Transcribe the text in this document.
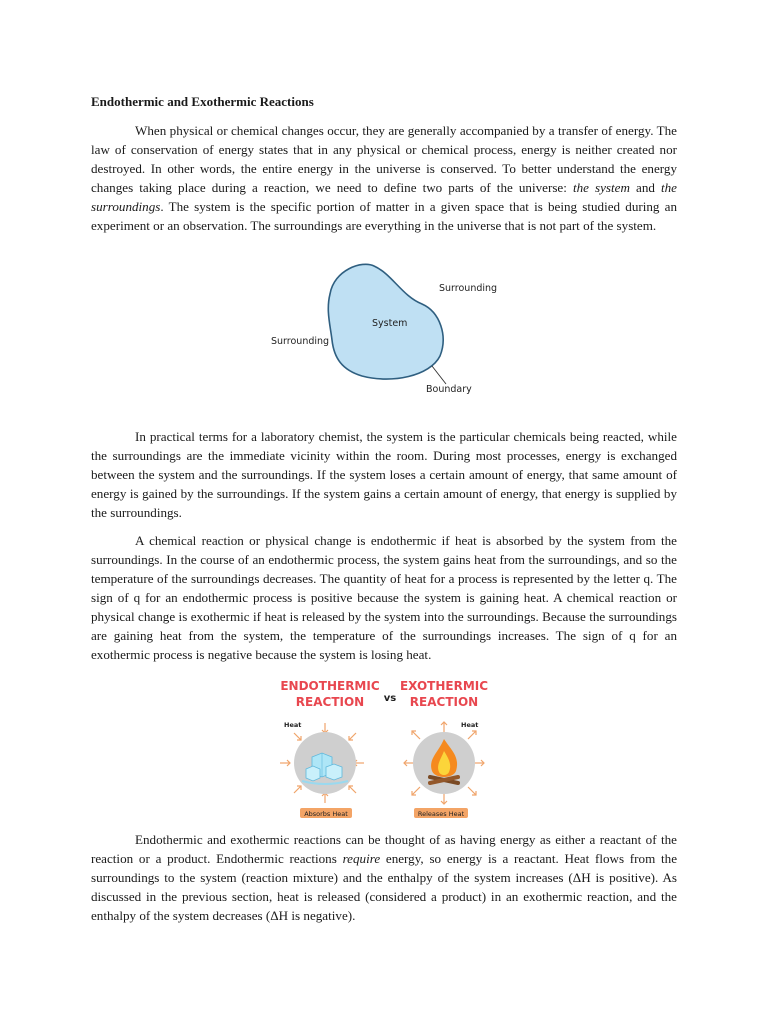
Endothermic and Exothermic Reactions

When physical or chemical changes occur, they are generally accompanied by a transfer of energy. The law of conservation of energy states that in any physical or chemical process, energy is neither created nor destroyed. In other words, the entire energy in the universe is conserved. To better understand the energy changes taking place during a reaction, we need to define two parts of the universe: the system and the surroundings. The system is the specific portion of matter in a given space that is being studied during an experiment or an observation. The surroundings are everything in the universe that is not part of the system.

System
Surrounding
Surrounding
Boundary

In practical terms for a laboratory chemist, the system is the particular chemicals being reacted, while the surroundings are the immediate vicinity within the room. During most processes, energy is exchanged between the system and the surroundings. If the system loses a certain amount of energy, that same amount of energy is gained by the surroundings. If the system gains a certain amount of energy, that energy is supplied by the surroundings.

A chemical reaction or physical change is endothermic if heat is absorbed by the system from the surroundings. In the course of an endothermic process, the system gains heat from the surroundings, and so the temperature of the surroundings decreases. The quantity of heat for a process is represented by the letter q. The sign of q for an endothermic process is positive because the system is gaining heat. A chemical reaction or physical change is exothermic if heat is released by the system into the surroundings. Because the surroundings are gaining heat from the system, the temperature of the surroundings increases. The sign of q for an exothermic process is negative because the system is losing heat.

ENDOTHERMIC
REACTION
EXOTHERMIC
REACTION
vs
Heat	Heat
Absorbs Heat	Releases Heat

Endothermic and exothermic reactions can be thought of as having energy as either a reactant of the reaction or a product. Endothermic reactions require energy, so energy is a reactant. Heat flows from the surroundings to the system (reaction mixture) and the enthalpy of the system increases (ΔH is positive). As discussed in the previous section, heat is released (considered a product) in an exothermic reaction, and the enthalpy of the system decreases (ΔH is negative).
